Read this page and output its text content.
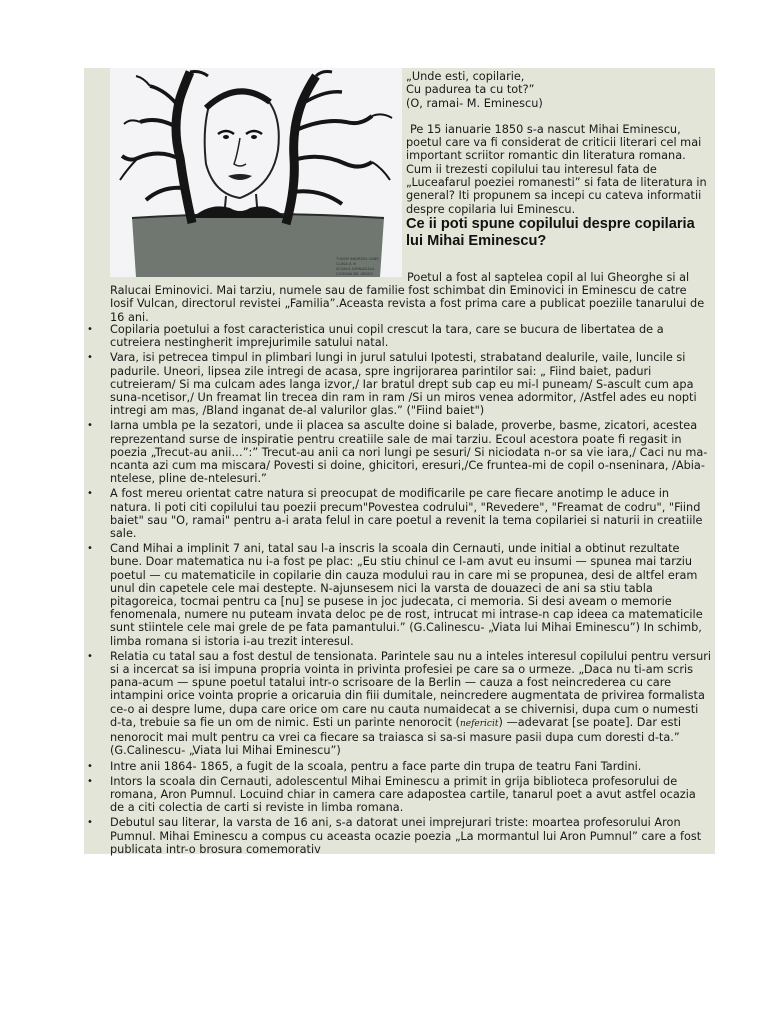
TUDOR ANDREEA GABR
CLASA A VI
SCOALA GIMNAZIALA
COMUNA BR. ARGES

„Unde esti, copilarie,

Cu padurea ta cu tot?”

(O, ramai- M. Eminescu)

Pe 15 ianuarie 1850 s-a nascut Mihai Eminescu, poetul care va fi considerat de criticii literari cel mai important scriitor romantic din literatura romana. Cum ii trezesti copilului tau interesul fata de „Luceafarul poeziei romanesti” si fata de literatura in general? Iti propunem sa incepi cu cateva informatii despre copilaria lui Eminescu.

Ce ii poti spune copilului despre copilaria lui Mihai Eminescu?

Poetul a fost al saptelea copil al lui Gheorghe si al
Ralucai Eminovici. Mai tarziu, numele sau de familie fost schimbat din Eminovici in Eminescu de catre Iosif Vulcan, directorul revistei „Familia”.Aceasta revista a fost prima care a publicat poeziile tanarului de 16 ani.
• Copilaria poetului a fost caracteristica unui copil crescut la tara, care se bucura de libertatea de a cutreiera nestingherit imprejurimile satului natal.
• Vara, isi petrecea timpul in plimbari lungi in jurul satului Ipotesti, strabatand dealurile, vaile, luncile si padurile. Uneori, lipsea zile intregi de acasa, spre ingrijorarea parintilor sai: „ Fiind baiet, paduri cutreieram/ Si ma culcam ades langa izvor,/ Iar bratul drept sub cap eu mi-l puneam/ S-ascult cum apa suna-ncetisor,/ Un freamat lin trecea din ram in ram /Si un miros venea adormitor, /Astfel ades eu nopti intregi am mas, /Bland inganat de-al valurilor glas.” ("Fiind baiet")
• Iarna umbla pe la sezatori, unde ii placea sa asculte doine si balade, proverbe, basme, zicatori, acestea reprezentand surse de inspiratie pentru creatiile sale de mai tarziu. Ecoul acestora poate fi regasit in poezia „Trecut-au anii…”:” Trecut-au anii ca nori lungi pe sesuri/ Si niciodata n-or sa vie iara,/ Caci nu ma-ncanta azi cum ma miscara/ Povesti si doine, ghicitori, eresuri,/Ce fruntea-mi de copil o-nseninara, /Abia-ntelese, pline de-ntelesuri.”
• A fost mereu orientat catre natura si preocupat de modificarile pe care fiecare anotimp le aduce in natura. Ii poti citi copilului tau poezii precum"Povestea codrului", "Revedere", "Freamat de codru", "Fiind baiet" sau "O, ramai" pentru a-i arata felul in care poetul a revenit la tema copilariei si naturii in creatiile sale.
• Cand Mihai a implinit 7 ani, tatal sau l-a inscris la scoala din Cernauti, unde initial a obtinut rezultate bune. Doar matematica nu i-a fost pe plac: „Eu stiu chinul ce l-am avut eu insumi — spunea mai tarziu poetul — cu matematicile in copilarie din cauza modului rau in care mi se propunea, desi de altfel eram unul din capetele cele mai destepte. N-ajunsesem nici la varsta de douazeci de ani sa stiu tabla pitagoreica, tocmai pentru ca [nu] se pusese in joc judecata, ci memoria. Si desi aveam o memorie fenomenala, numere nu puteam invata deloc pe de rost, intrucat mi intrase-n cap ideea ca matematicile sunt stiintele cele mai grele de pe fata pamantului.” (G.Calinescu- „Viata lui Mihai Eminescu”) In schimb, limba romana si istoria i-au trezit interesul.
• Relatia cu tatal sau a fost destul de tensionata. Parintele sau nu a inteles interesul copilului pentru versuri si a incercat sa isi impuna propria vointa in privinta profesiei pe care sa o urmeze. „Daca nu ti-am scris pana-acum — spune poetul tatalui intr-o scrisoare de la Berlin — cauza a fost neincrederea cu care intampini orice vointa proprie a oricaruia din fiii dumitale, neincredere augmentata de privirea formalista ce-o ai despre lume, dupa care orice om care nu cauta numaidecat a se chivernisi, dupa cum o numesti d-ta, trebuie sa fie un om de nimic. Esti un parinte nenorocit (nefericit) —adevarat [se poate]. Dar esti nenorocit mai mult pentru ca vrei ca fiecare sa traiasca si sa-si masure pasii dupa cum doresti d-ta.” (G.Calinescu- „Viata lui Mihai Eminescu”)
• Intre anii 1864- 1865, a fugit de la scoala, pentru a face parte din trupa de teatru Fani Tardini.
• Intors la scoala din Cernauti, adolescentul Mihai Eminescu a primit in grija biblioteca profesorului de romana, Aron Pumnul. Locuind chiar in camera care adapostea cartile, tanarul poet a avut astfel ocazia de a citi colectia de carti si reviste in limba romana.
• Debutul sau literar, la varsta de 16 ani, s-a datorat unei imprejurari triste: moartea profesorului Aron Pumnul. Mihai Eminescu a compus cu aceasta ocazie poezia „La mormantul lui Aron Pumnul” care a fost publicata intr-o brosura comemorativ
